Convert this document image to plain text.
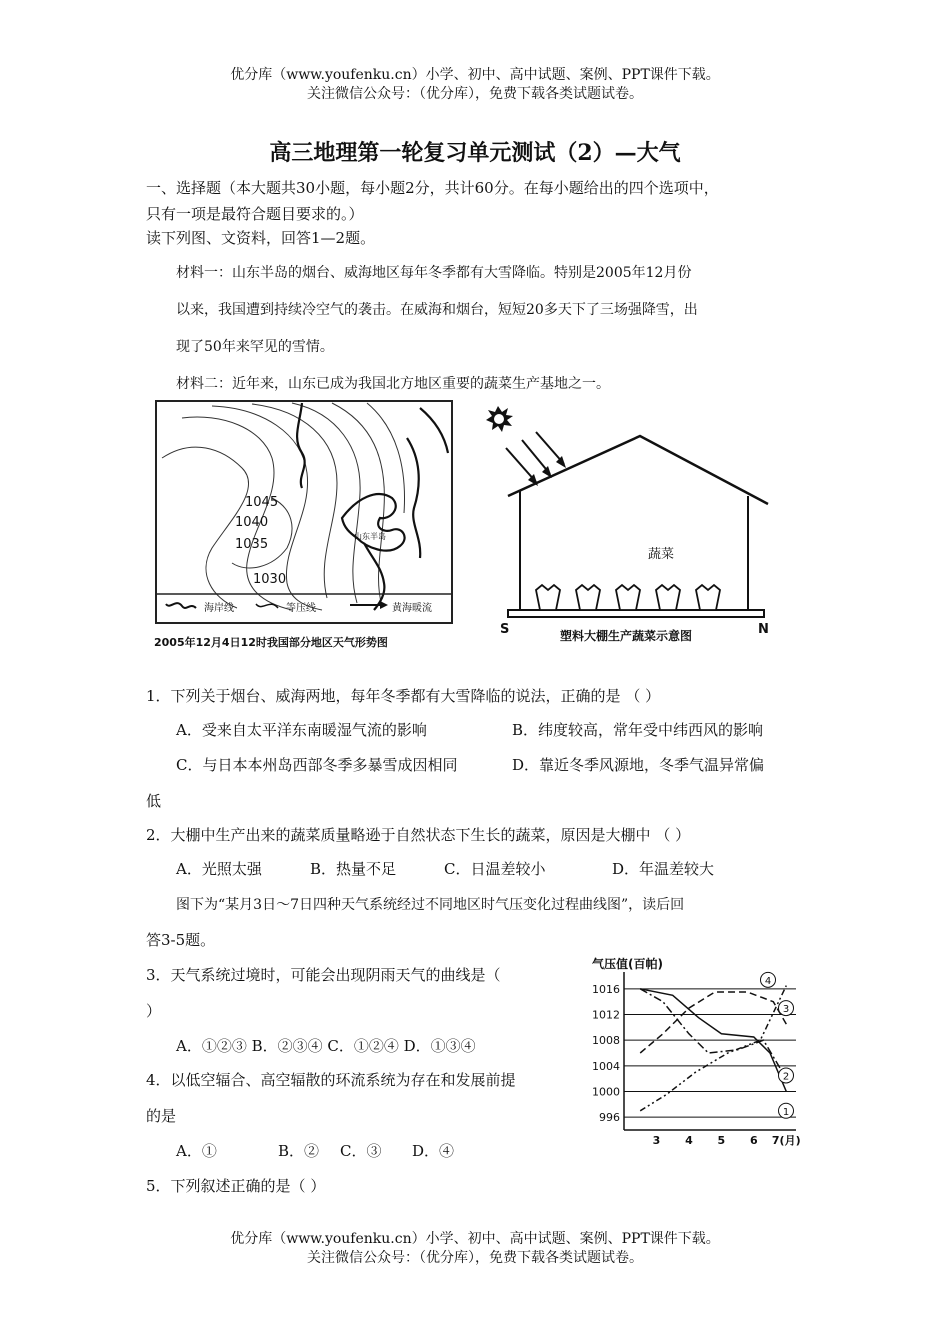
优分库（www.youfenku.cn）小学、初中、高中试题、案例、PPT课件下载。
关注微信公众号：（优分库），免费下载各类试题试卷。
高三地理第一轮复习单元测试（2）—大气
一、选择题（本大题共30小题，每小题2分，共计60分。在每小题给出的四个选项中，
只有一项是最符合题目要求的。）
读下列图、文资料，回答1—2题。
材料一：山东半岛的烟台、威海地区每年冬季都有大雪降临。特别是2005年12月份
以来，我国遭到持续冷空气的袭击。在威海和烟台，短短20多天下了三场强降雪，出
现了50年来罕见的雪情。
材料二：近年来，山东已成为我国北方地区重要的蔬菜生产基地之一。
1045
1040
1035
1030
山东半岛
海岸线	等压线	黄海暖流
2005年12月4日12时我国部分地区天气形势图
蔬菜
S	N
塑料大棚生产蔬菜示意图
1．下列关于烟台、威海两地，每年冬季都有大雪降临的说法，正确的是 （ ）
A．受来自太平洋东南暖湿气流的影响	B．纬度较高，常年受中纬西风的影响
C．与日本本州岛西部冬季多暴雪成因相同	D．靠近冬季风源地，冬季气温异常偏
低
2．大棚中生产出来的蔬菜质量略逊于自然状态下生长的蔬菜，原因是大棚中 （ ）
A．光照太强	B．热量不足	C．日温差较小	D．年温差较大
图下为“某月3日～7日四种天气系统经过不同地区时气压变化过程曲线图”，读后回
答3-5题。
3．天气系统过境时，可能会出现阴雨天气的曲线是（
）
A．①②③ B．②③④ C．①②④ D．①③④
4．以低空辐合、高空辐散的环流系统为存在和发展前提
的是
A．①	B．② C．③ D．④
5．下列叙述正确的是（ ）
气压值(百帕)
996
1000
1004
1008
1012
1016
3 4 5 6 7(月)
1
2
3
4
优分库（www.youfenku.cn）小学、初中、高中试题、案例、PPT课件下载。
关注微信公众号：（优分库），免费下载各类试题试卷。
